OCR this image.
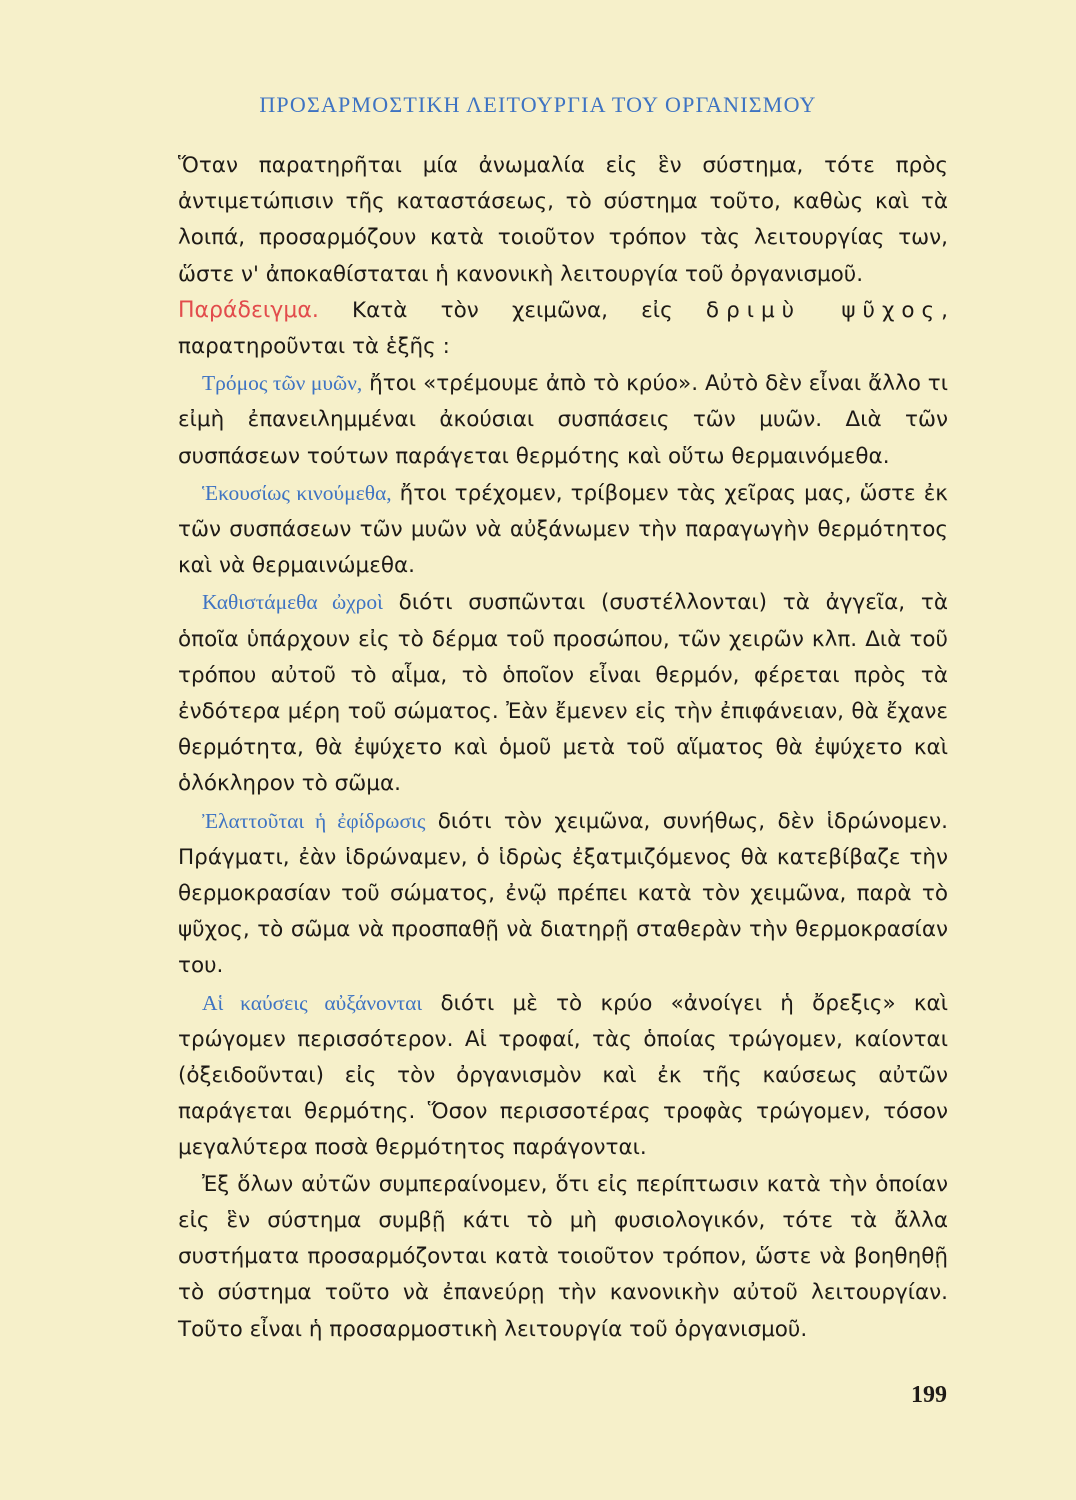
ΠΡΟΣΑΡΜΟΣΤΙΚΗ ΛΕΙΤΟΥΡΓΙΑ ΤΟΥ ΟΡΓΑΝΙΣΜΟΥ

Ὅταν παρατηρῆται μία ἀνωμαλία εἰς ἓν σύστημα, τότε πρὸς ἀντιμετώπισιν τῆς καταστάσεως, τὸ σύστημα τοῦτο, καθὼς καὶ τὰ λοιπά, προσαρμόζουν κατὰ τοιοῦτον τρόπον τὰς λειτουργίας των, ὥστε ν' ἀποκαθίσταται ἡ κανονικὴ λειτουργία τοῦ ὀργανισμοῦ.

Παράδειγμα. Κατὰ τὸν χειμῶνα, εἰς δριμὺ ψῦχος, παρατηροῦνται τὰ ἑξῆς :

Τρόμος τῶν μυῶν, ἤτοι «τρέμουμε ἀπὸ τὸ κρύο». Αὐτὸ δὲν εἶναι ἄλλο τι εἰμὴ ἐπανειλημμέναι ἀκούσιαι συσπάσεις τῶν μυῶν. Διὰ τῶν συσπάσεων τούτων παράγεται θερμότης καὶ οὕτω θερμαινόμεθα.

Ἑκουσίως κινούμεθα, ἤτοι τρέχομεν, τρίβομεν τὰς χεῖρας μας, ὥστε ἐκ τῶν συσπάσεων τῶν μυῶν νὰ αὐξάνωμεν τὴν παραγωγὴν θερμότητος καὶ νὰ θερμαινώμεθα.

Καθιστάμεθα ὠχροὶ διότι συσπῶνται (συστέλλονται) τὰ ἀγγεῖα, τὰ ὁποῖα ὑπάρχουν εἰς τὸ δέρμα τοῦ προσώπου, τῶν χειρῶν κλπ. Διὰ τοῦ τρόπου αὐτοῦ τὸ αἷμα, τὸ ὁποῖον εἶναι θερμόν, φέρεται πρὸς τὰ ἐνδότερα μέρη τοῦ σώματος. Ἐὰν ἔμενεν εἰς τὴν ἐπιφάνειαν, θὰ ἔχανε θερμότητα, θὰ ἐψύχετο καὶ ὁμοῦ μετὰ τοῦ αἵματος θὰ ἐψύχετο καὶ ὁλόκληρον τὸ σῶμα.

Ἐλαττοῦται ἡ ἐφίδρωσις διότι τὸν χειμῶνα, συνήθως, δὲν ἱδρώνομεν. Πράγματι, ἐὰν ἱδρώναμεν, ὁ ἱδρὼς ἐξατμιζόμενος θὰ κατεβίβαζε τὴν θερμοκρασίαν τοῦ σώματος, ἐνῷ πρέπει κατὰ τὸν χειμῶνα, παρὰ τὸ ψῦχος, τὸ σῶμα νὰ προσπαθῇ νὰ διατηρῇ σταθερὰν τὴν θερμοκρασίαν του.

Αἱ καύσεις αὐξάνονται διότι μὲ τὸ κρύο «ἀνοίγει ἡ ὄρεξις» καὶ τρώγομεν περισσότερον. Αἱ τροφαί, τὰς ὁποίας τρώγομεν, καίονται (ὀξειδοῦνται) εἰς τὸν ὀργανισμὸν καὶ ἐκ τῆς καύσεως αὐτῶν παράγεται θερμότης. Ὅσον περισσοτέρας τροφὰς τρώγομεν, τόσον μεγαλύτερα ποσὰ θερμότητος παράγονται.

Ἐξ ὅλων αὐτῶν συμπεραίνομεν, ὅτι εἰς περίπτωσιν κατὰ τὴν ὁποίαν εἰς ἓν σύστημα συμβῇ κάτι τὸ μὴ φυσιολογικόν, τότε τὰ ἄλλα συστήματα προσαρμόζονται κατὰ τοιοῦτον τρόπον, ὥστε νὰ βοηθηθῇ τὸ σύστημα τοῦτο νὰ ἐπανεύρῃ τὴν κανονικὴν αὐτοῦ λειτουργίαν. Τοῦτο εἶναι ἡ προσαρμοστικὴ λειτουργία τοῦ ὀργανισμοῦ.

199
